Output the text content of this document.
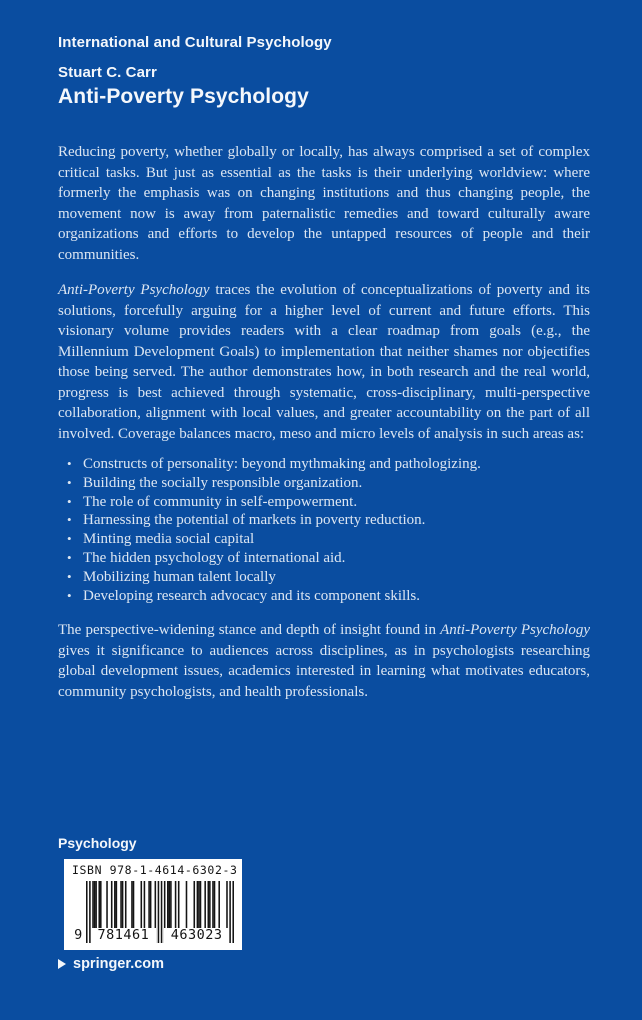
International and Cultural Psychology
Stuart C. Carr
Anti-Poverty Psychology

Reducing poverty, whether globally or locally, has always comprised a set of complex critical tasks. But just as essential as the tasks is their underlying worldview: where formerly the emphasis was on changing institutions and thus changing people, the movement now is away from paternalistic remedies and toward culturally aware organizations and efforts to develop the untapped resources of people and their communities.

Anti-Poverty Psychology traces the evolution of conceptualizations of poverty and its solutions, forcefully arguing for a higher level of current and future efforts. This visionary volume provides readers with a clear roadmap from goals (e.g., the Millennium Development Goals) to implementation that neither shames nor objectifies those being served. The author demonstrates how, in both research and the real world, progress is best achieved through systematic, cross-disciplinary, multi-perspective collaboration, alignment with local values, and greater accountability on the part of all involved. Coverage balances macro, meso and micro levels of analysis in such areas as:

• Constructs of personality: beyond mythmaking and pathologizing.
• Building the socially responsible organization.
• The role of community in self-empowerment.
• Harnessing the potential of markets in poverty reduction.
• Minting media social capital
• The hidden psychology of international aid.
• Mobilizing human talent locally
• Developing research advocacy and its component skills.

The perspective-widening stance and depth of insight found in Anti-Poverty Psychology gives it significance to audiences across disciplines, as in psychologists researching global development issues, academics interested in learning what motivates educators, community psychologists, and health professionals.

Psychology
ISBN 978-1-4614-6302-3
9	781461	463023
springer.com
